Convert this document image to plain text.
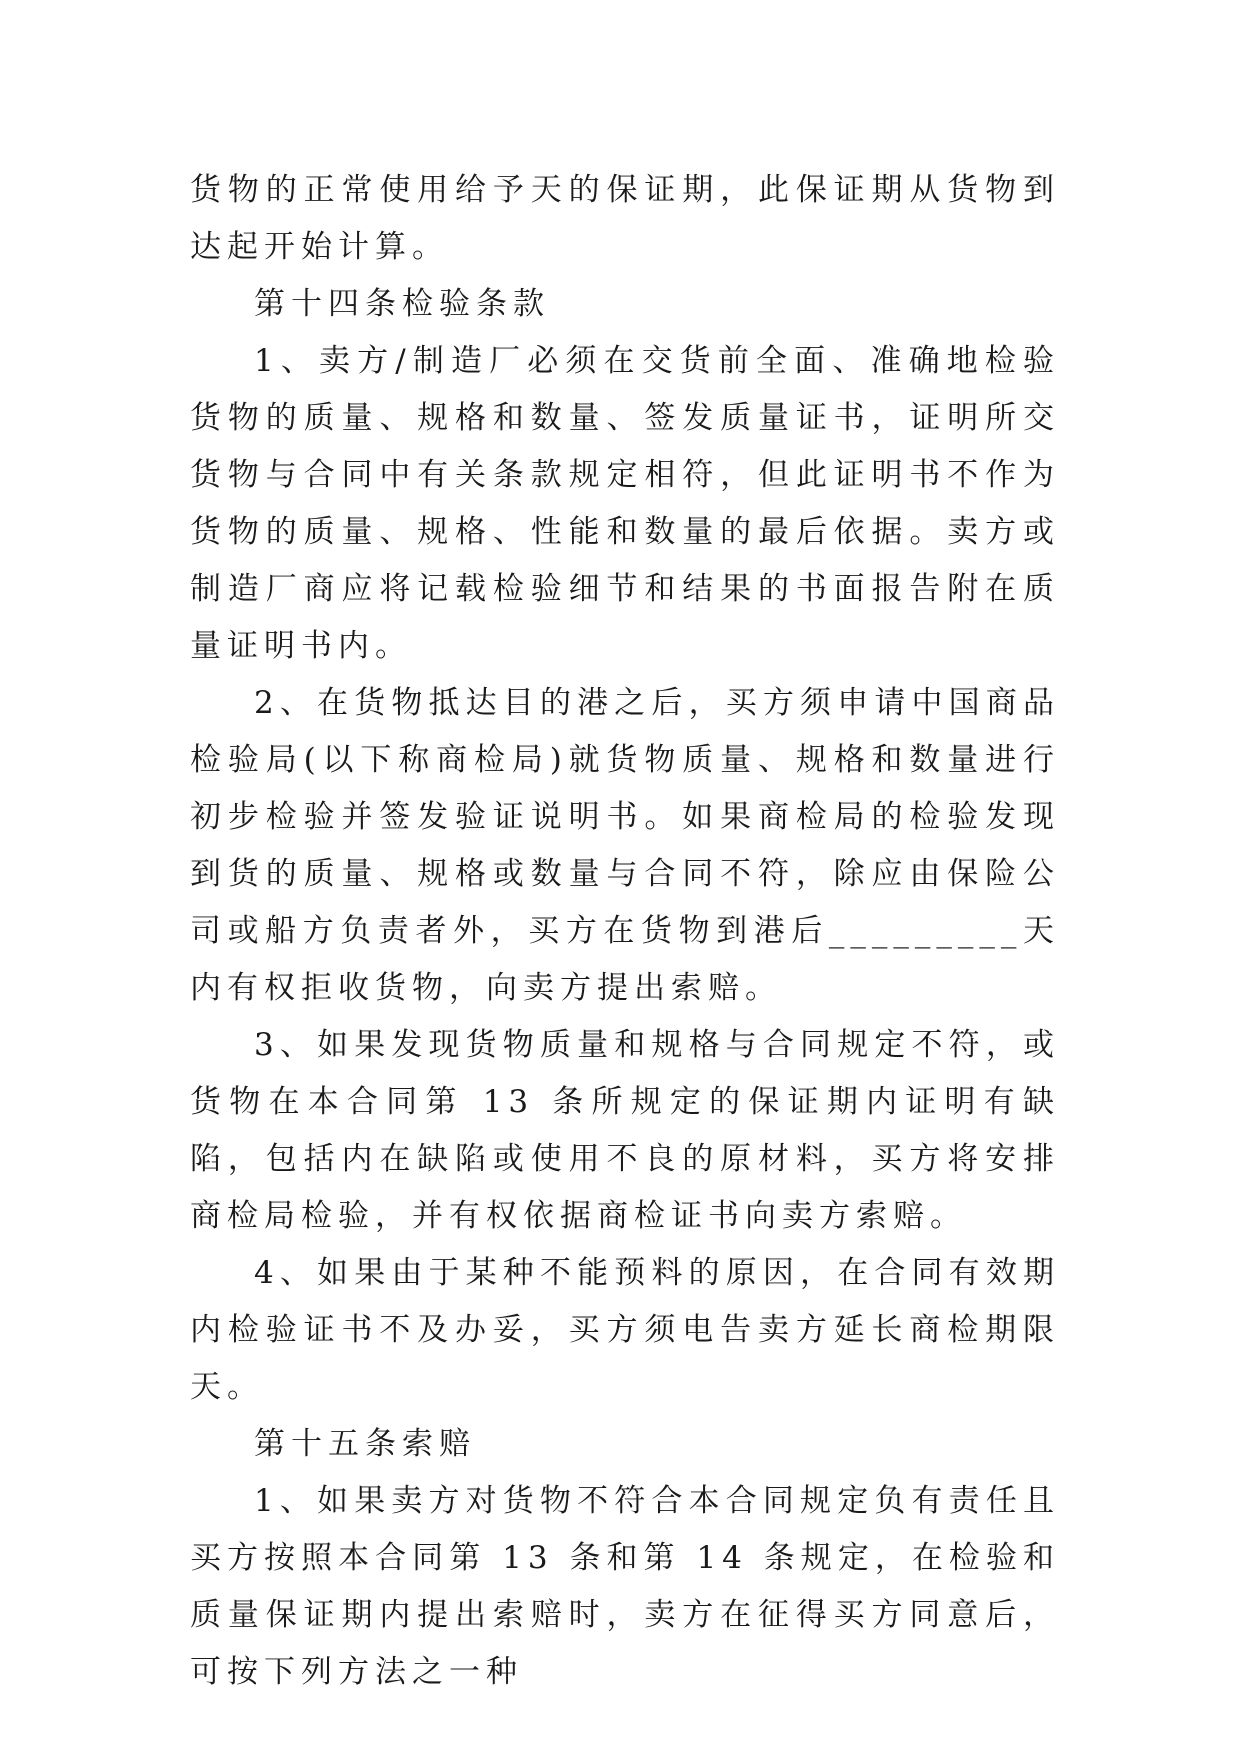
货物的正常使用给予天的保证期，此保证期从货物到达起开始计算。

第十四条检验条款

1、卖方/制造厂必须在交货前全面、准确地检验货物的质量、规格和数量、签发质量证书，证明所交货物与合同中有关条款规定相符，但此证明书不作为货物的质量、规格、性能和数量的最后依据。卖方或制造厂商应将记载检验细节和结果的书面报告附在质量证明书内。

2、在货物抵达目的港之后，买方须申请中国商品检验局(以下称商检局)就货物质量、规格和数量进行初步检验并签发验证说明书。如果商检局的检验发现到货的质量、规格或数量与合同不符，除应由保险公司或船方负责者外，买方在货物到港后_________天内有权拒收货物，向卖方提出索赔。

3、如果发现货物质量和规格与合同规定不符，或货物在本合同第 13 条所规定的保证期内证明有缺陷，包括内在缺陷或使用不良的原材料，买方将安排商检局检验，并有权依据商检证书向卖方索赔。

4、如果由于某种不能预料的原因，在合同有效期内检验证书不及办妥，买方须电告卖方延长商检期限天。

第十五条索赔

1、如果卖方对货物不符合本合同规定负有责任且买方按照本合同第 13 条和第 14 条规定，在检验和质量保证期内提出索赔时，卖方在征得买方同意后，可按下列方法之一种
